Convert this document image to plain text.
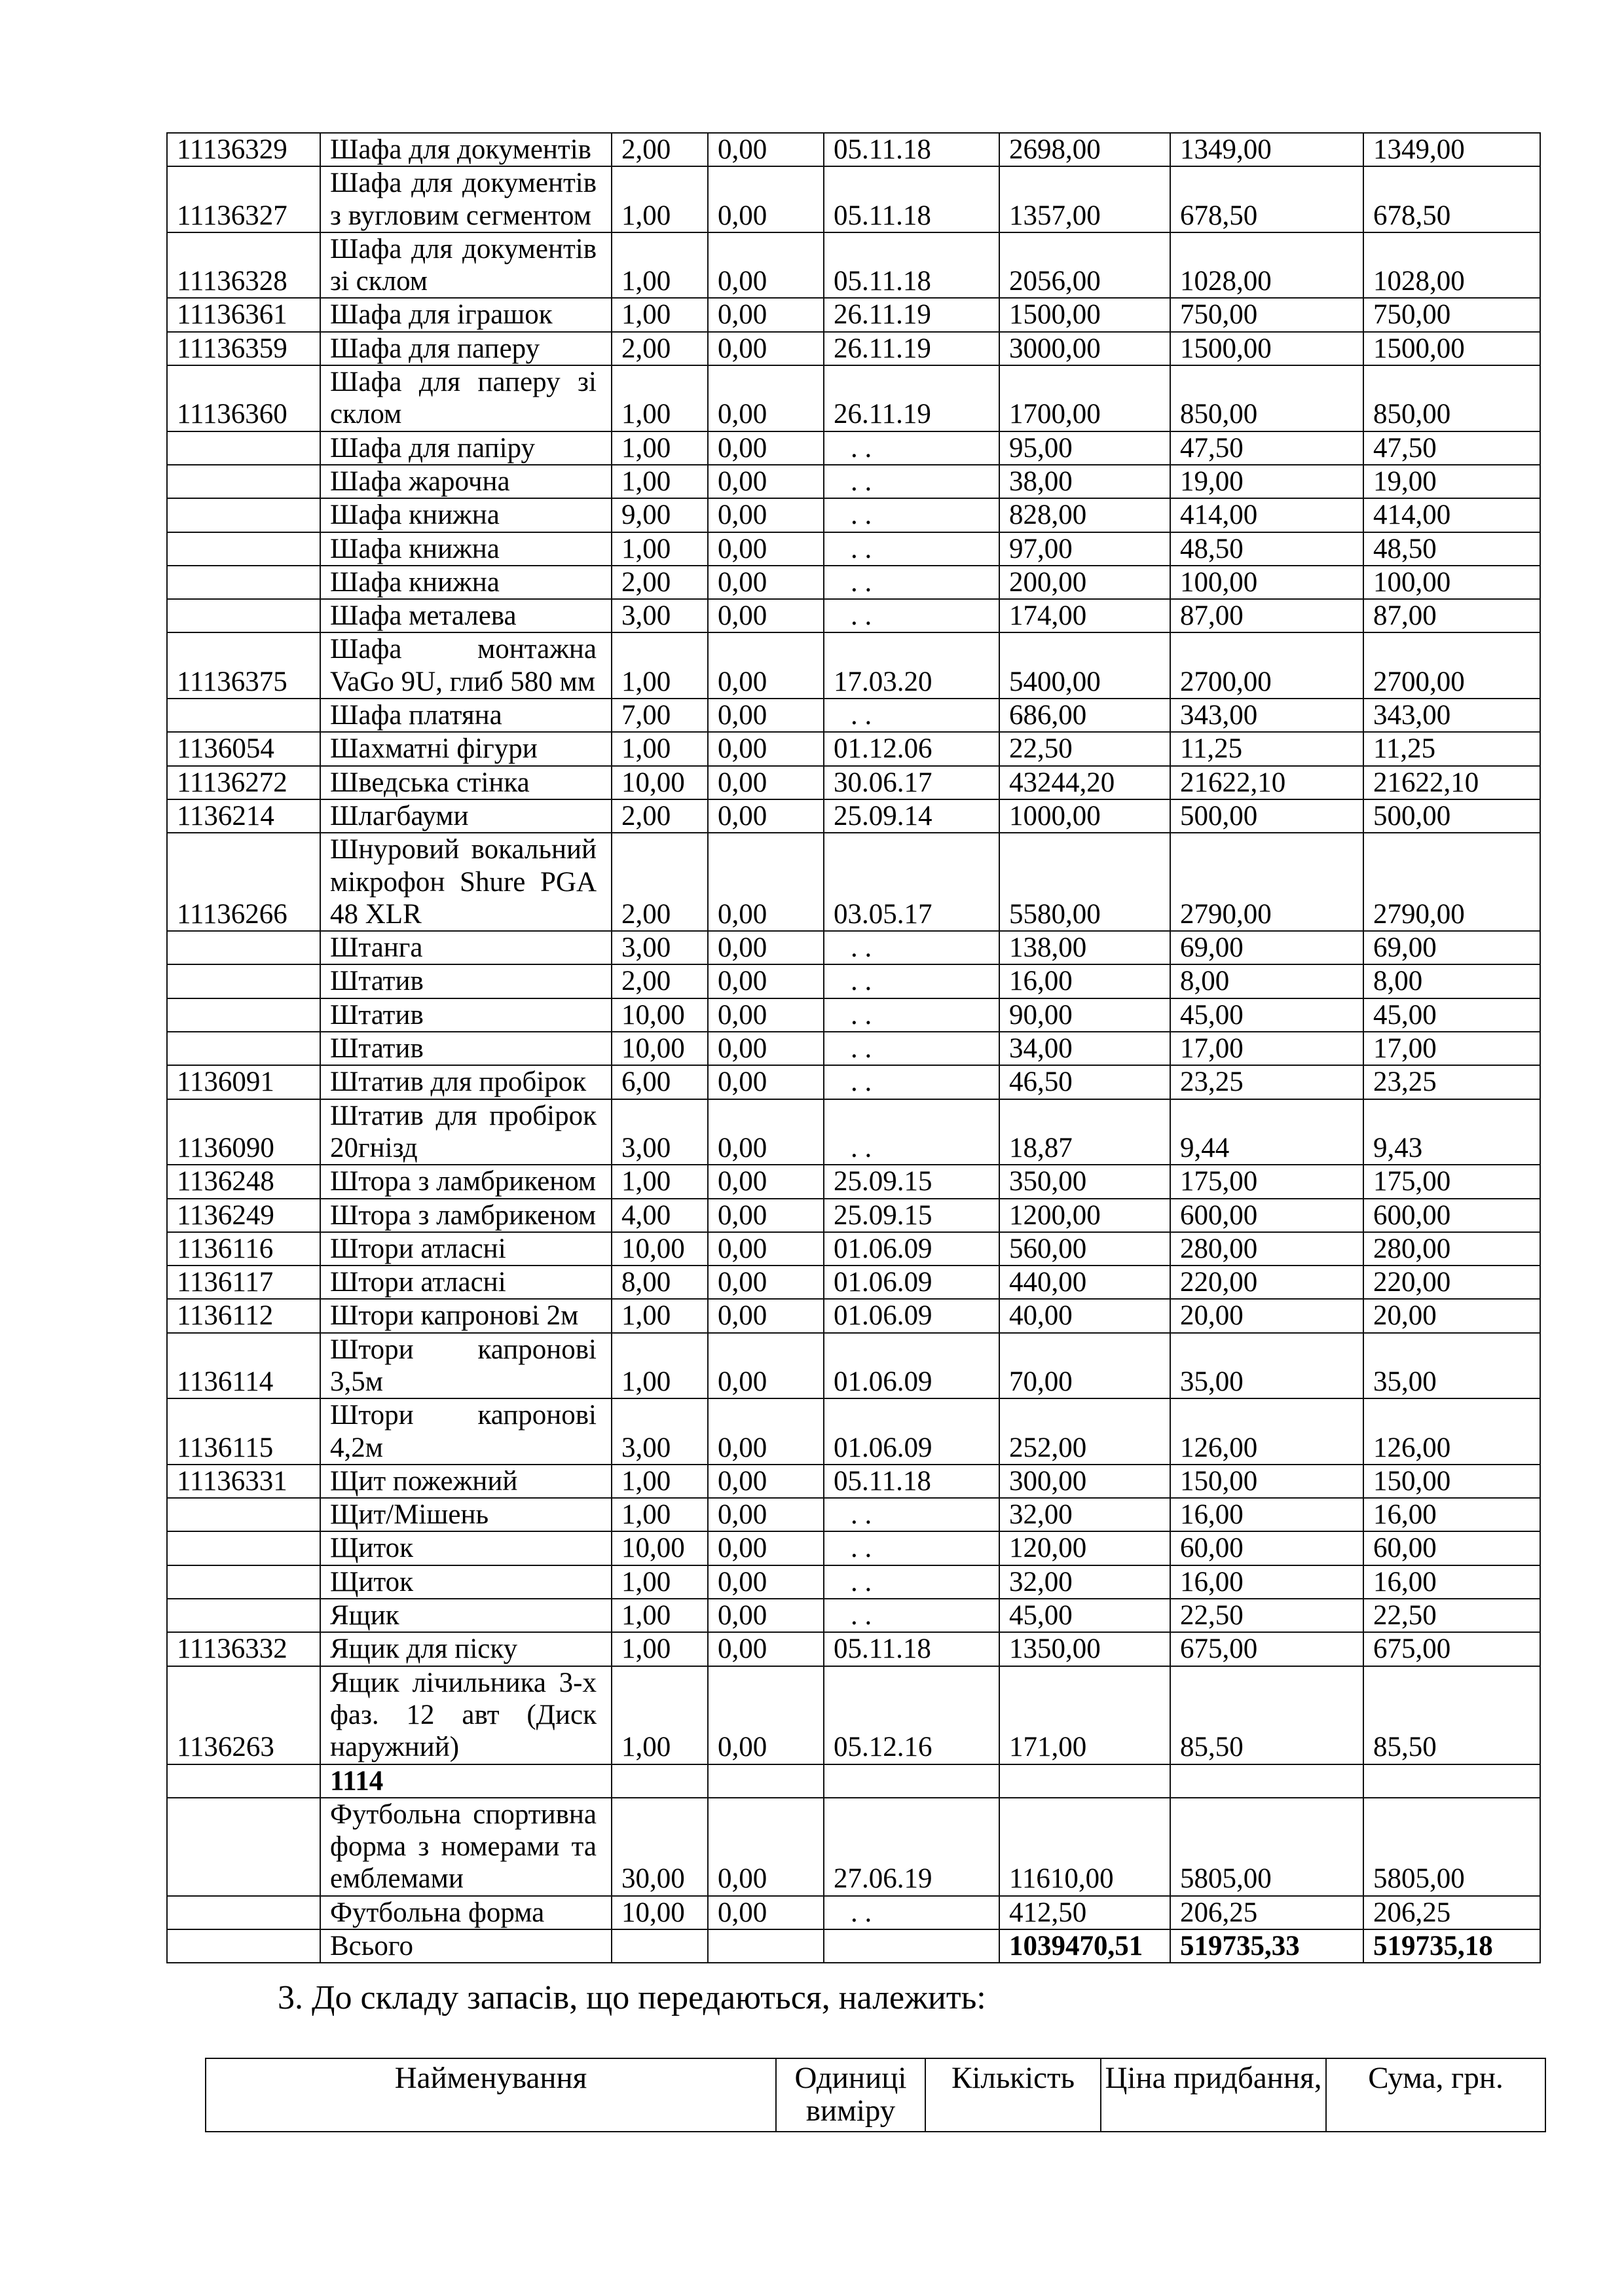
11136329	Шафа для документів	2,00	0,00	05.11.18	2698,00	1349,00	1349,00
11136327	Шафа для документів з вугловим сегментом	1,00	0,00	05.11.18	1357,00	678,50	678,50
11136328	Шафа для документів зі склом	1,00	0,00	05.11.18	2056,00	1028,00	1028,00
11136361	Шафа для іграшок	1,00	0,00	26.11.19	1500,00	750,00	750,00
11136359	Шафа для паперу	2,00	0,00	26.11.19	3000,00	1500,00	1500,00
11136360	Шафа для паперу зі склом	1,00	0,00	26.11.19	1700,00	850,00	850,00
	Шафа для папіру	1,00	0,00	. .	95,00	47,50	47,50
	Шафа жарочна	1,00	0,00	. .	38,00	19,00	19,00
	Шафа книжна	9,00	0,00	. .	828,00	414,00	414,00
	Шафа книжна	1,00	0,00	. .	97,00	48,50	48,50
	Шафа книжна	2,00	0,00	. .	200,00	100,00	100,00
	Шафа металева	3,00	0,00	. .	174,00	87,00	87,00
11136375	Шафа монтажна VaGo 9U, глиб 580 мм	1,00	0,00	17.03.20	5400,00	2700,00	2700,00
	Шафа платяна	7,00	0,00	. .	686,00	343,00	343,00
1136054	Шахматні фігури	1,00	0,00	01.12.06	22,50	11,25	11,25
11136272	Шведська стінка	10,00	0,00	30.06.17	43244,20	21622,10	21622,10
1136214	Шлагбауми	2,00	0,00	25.09.14	1000,00	500,00	500,00
11136266	Шнуровий вокальний мікрофон Shure PGA 48 XLR	2,00	0,00	03.05.17	5580,00	2790,00	2790,00
	Штанга	3,00	0,00	. .	138,00	69,00	69,00
	Штатив	2,00	0,00	. .	16,00	8,00	8,00
	Штатив	10,00	0,00	. .	90,00	45,00	45,00
	Штатив	10,00	0,00	. .	34,00	17,00	17,00
1136091	Штатив для пробірок	6,00	0,00	. .	46,50	23,25	23,25
1136090	Штатив для пробірок 20гнізд	3,00	0,00	. .	18,87	9,44	9,43
1136248	Штора з ламбрикеном	1,00	0,00	25.09.15	350,00	175,00	175,00
1136249	Штора з ламбрикеном	4,00	0,00	25.09.15	1200,00	600,00	600,00
1136116	Штори атласні	10,00	0,00	01.06.09	560,00	280,00	280,00
1136117	Штори атласні	8,00	0,00	01.06.09	440,00	220,00	220,00
1136112	Штори капронові 2м	1,00	0,00	01.06.09	40,00	20,00	20,00
1136114	Штори капронові 3,5м	1,00	0,00	01.06.09	70,00	35,00	35,00
1136115	Штори капронові 4,2м	3,00	0,00	01.06.09	252,00	126,00	126,00
11136331	Щит пожежний	1,00	0,00	05.11.18	300,00	150,00	150,00
	Щит/Мішень	1,00	0,00	. .	32,00	16,00	16,00
	Щиток	10,00	0,00	. .	120,00	60,00	60,00
	Щиток	1,00	0,00	. .	32,00	16,00	16,00
	Ящик	1,00	0,00	. .	45,00	22,50	22,50
11136332	Ящик для піску	1,00	0,00	05.11.18	1350,00	675,00	675,00
1136263	Ящик лічильника 3-х фаз. 12 авт (Диск наружний)	1,00	0,00	05.12.16	171,00	85,50	85,50
	1114						
	Футбольна спортивна форма з номерами та емблемами	30,00	0,00	27.06.19	11610,00	5805,00	5805,00
	Футбольна форма	10,00	0,00	. .	412,50	206,25	206,25
	Всього				1039470,51	519735,33	519735,18
3. До складу запасів, що передаються, належить:
Найменування	Одиниці виміру	Кількість	Ціна придбання,	Сума, грн.
